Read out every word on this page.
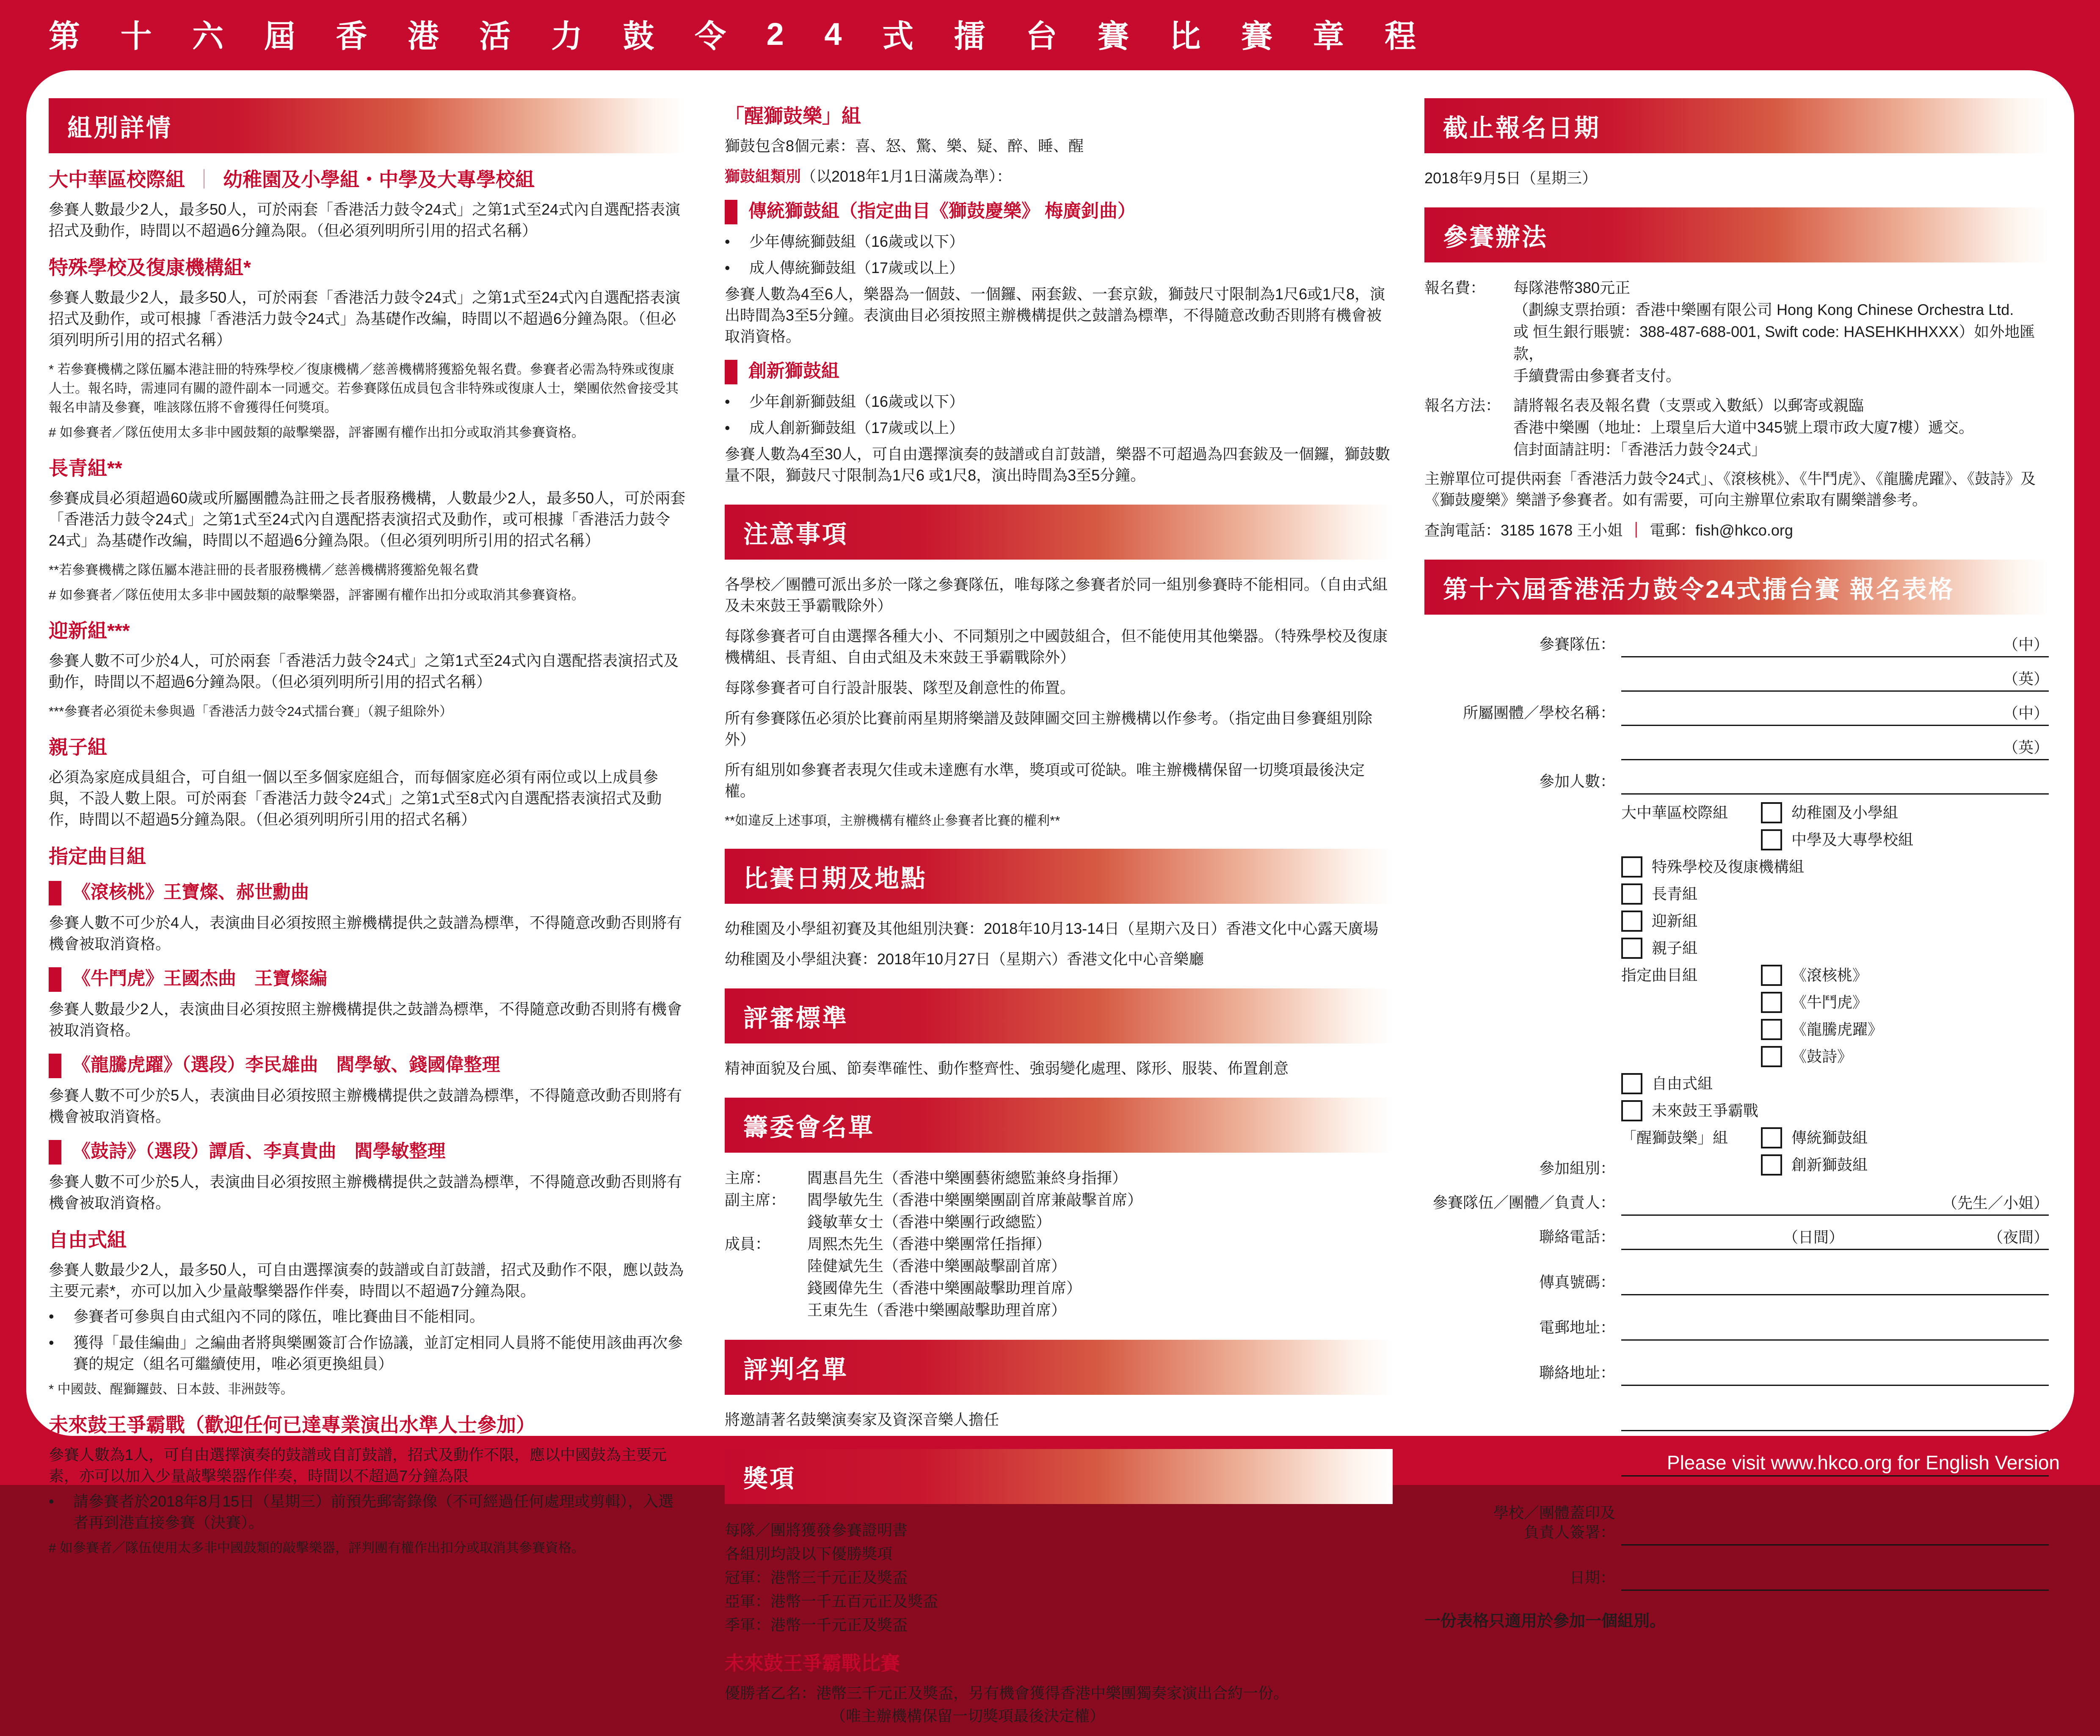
第 十 六 屆 香 港 活 力 鼓 令 2 4 式 擂 台 賽 比 賽 章 程
組別詳情
大中華區校際組 ｜ 幼稚園及小學組・中學及大專學校組

參賽人數最少2人，最多50人，可於兩套「香港活力鼓令24式」之第1式至24式內自選配搭表演招式及動作，時間以不超過6分鐘為限。（但必須列明所引用的招式名稱）

特殊學校及復康機構組*

參賽人數最少2人，最多50人，可於兩套「香港活力鼓令24式」之第1式至24式內自選配搭表演招式及動作，或可根據「香港活力鼓令24式」為基礎作改編，時間以不超過6分鐘為限。（但必須列明所引用的招式名稱）

* 若參賽機構之隊伍屬本港註冊的特殊學校／復康機構／慈善機構將獲豁免報名費。參賽者必需為特殊或復康人士。報名時，需連同有關的證件副本一同遞交。若參賽隊伍成員包含非特殊或復康人士，樂團依然會接受其報名申請及參賽，唯該隊伍將不會獲得任何獎項。

# 如參賽者／隊伍使用太多非中國鼓類的敲擊樂器，評審團有權作出扣分或取消其參賽資格。

長青組**

參賽成員必須超過60歲或所屬團體為註冊之長者服務機構，人數最少2人，最多50人，可於兩套「香港活力鼓令24式」之第1式至24式內自選配搭表演招式及動作，或可根據「香港活力鼓令24式」為基礎作改編，時間以不超過6分鐘為限。（但必須列明所引用的招式名稱）

**若參賽機構之隊伍屬本港註冊的長者服務機構／慈善機構將獲豁免報名費

# 如參賽者／隊伍使用太多非中國鼓類的敲擊樂器，評審團有權作出扣分或取消其參賽資格。

迎新組***

參賽人數不可少於4人，可於兩套「香港活力鼓令24式」之第1式至24式內自選配搭表演招式及動作，時間以不超過6分鐘為限。（但必須列明所引用的招式名稱）

***參賽者必須從未參與過「香港活力鼓令24式擂台賽」（親子組除外）

親子組

必須為家庭成員組合，可自組一個以至多個家庭組合，而每個家庭必須有兩位或以上成員參與，不設人數上限。可於兩套「香港活力鼓令24式」之第1式至8式內自選配搭表演招式及動作，時間以不超過5分鐘為限。（但必須列明所引用的招式名稱）

指定曲目組
《滾核桃》王寶燦、郝世勳曲

參賽人數不可少於4人，表演曲目必須按照主辦機構提供之鼓譜為標準，不得隨意改動否則將有機會被取消資格。

《牛鬥虎》王國杰曲　王寶燦編

參賽人數最少2人，表演曲目必須按照主辦機構提供之鼓譜為標準，不得隨意改動否則將有機會被取消資格。

《龍騰虎躍》（選段）李民雄曲　閻學敏、錢國偉整理

參賽人數不可少於5人，表演曲目必須按照主辦機構提供之鼓譜為標準，不得隨意改動否則將有機會被取消資格。

《鼓詩》（選段）譚盾、李真貴曲　閻學敏整理

參賽人數不可少於5人，表演曲目必須按照主辦機構提供之鼓譜為標準，不得隨意改動否則將有機會被取消資格。

自由式組

參賽人數最少2人，最多50人，可自由選擇演奏的鼓譜或自訂鼓譜，招式及動作不限，應以鼓為主要元素*，亦可以加入少量敲擊樂器作伴奏，時間以不超過7分鐘為限。

•	參賽者可參與自由式組內不同的隊伍，唯比賽曲目不能相同。
•	獲得「最佳編曲」之編曲者將與樂團簽訂合作協議，並訂定相同人員將不能使用該曲再次參賽的規定（組名可繼續使用，唯必須更換組員）

* 中國鼓、醒獅鑼鼓、日本鼓、非洲鼓等。

未來鼓王爭霸戰（歡迎任何已達專業演出水準人士參加）

參賽人數為1人，可自由選擇演奏的鼓譜或自訂鼓譜，招式及動作不限，應以中國鼓為主要元素，亦可以加入少量敲擊樂器作伴奏，時間以不超過7分鐘為限

•	請參賽者於2018年8月15日（星期三）前預先郵寄錄像（不可經過任何處理或剪輯），入選者再到港直接參賽（決賽）。

# 如參賽者／隊伍使用太多非中國鼓類的敲擊樂器，評判團有權作出扣分或取消其參賽資格。

「醒獅鼓樂」組

獅鼓包含8個元素：喜、怒、驚、樂、疑、醉、睡、醒

獅鼓組類別（以2018年1月1日滿歲為準）：

傳統獅鼓組（指定曲目《獅鼓慶樂》 梅廣釗曲）
•	少年傳統獅鼓組（16歲或以下）
•	成人傳統獅鼓組（17歲或以上）

參賽人數為4至6人，樂器為一個鼓、一個鑼、兩套鈸、一套京鈸，獅鼓尺寸限制為1尺6或1尺8，演出時間為3至5分鐘。表演曲目必須按照主辦機構提供之鼓譜為標準，不得隨意改動否則將有機會被取消資格。

創新獅鼓組
•	少年創新獅鼓組（16歲或以下）
•	成人創新獅鼓組（17歲或以上）

參賽人數為4至30人，可自由選擇演奏的鼓譜或自訂鼓譜，樂器不可超過為四套鈸及一個鑼，獅鼓數量不限，獅鼓尺寸限制為1尺6 或1尺8，演出時間為3至5分鐘。

注意事項

各學校／團體可派出多於一隊之參賽隊伍，唯每隊之參賽者於同一組別參賽時不能相同。（自由式組及未來鼓王爭霸戰除外）

每隊參賽者可自由選擇各種大小、不同類別之中國鼓組合，但不能使用其他樂器。（特殊學校及復康機構組、長青組、自由式組及未來鼓王爭霸戰除外）

每隊參賽者可自行設計服裝、隊型及創意性的佈置。

所有參賽隊伍必須於比賽前兩星期將樂譜及鼓陣圖交回主辦機構以作參考。（指定曲目參賽組別除外）

所有組別如參賽者表現欠佳或未達應有水準，獎項或可從缺。唯主辦機構保留一切獎項最後決定權。

**如違反上述事項，主辦機構有權終止參賽者比賽的權利**

比賽日期及地點

幼稚園及小學組初賽及其他組別決賽：2018年10月13-14日（星期六及日）香港文化中心露天廣場

幼稚園及小學組決賽：2018年10月27日（星期六）香港文化中心音樂廳

評審標準

精神面貌及台風、節奏準確性、動作整齊性、強弱變化處理、隊形、服裝、佈置創意

籌委會名單
主席：	閻惠昌先生（香港中樂團藝術總監兼終身指揮）
副主席：	閻學敏先生（香港中樂團樂團副首席兼敲擊首席）
錢敏華女士（香港中樂團行政總監）
成員：	周熙杰先生（香港中樂團常任指揮）
陸健斌先生（香港中樂團敲擊副首席）
錢國偉先生（香港中樂團敲擊助理首席）
王東先生（香港中樂團敲擊助理首席）
評判名單

將邀請著名鼓樂演奏家及資深音樂人擔任

獎項
每隊／團將獲發參賽證明書
各組別均設以下優勝獎項
冠軍：港幣三千元正及獎盃
亞軍：港幣一千五百元正及獎盃
季軍：港幣一千元正及獎盃
未來鼓王爭霸戰比賽

優勝者乙名：港幣三千元正及獎盃，另有機會獲得香港中樂團獨奏家演出合約一份。

（唯主辦機構保留一切獎項最後決定權）

截止報名日期

2018年9月5日（星期三）

參賽辦法
報名費：	每隊港幣380元正
（劃線支票抬頭：香港中樂團有限公司 Hong Kong Chinese Orchestra Ltd.
或 恒生銀行賬號：388-487-688-001, Swift code: HASEHKHHXXX）如外地匯款，
手續費需由參賽者支付。
報名方法： 請將報名表及報名費（支票或入數紙）以郵寄或親臨
香港中樂團（地址：上環皇后大道中345號上環市政大廈7樓）遞交。
信封面請註明：「香港活力鼓令24式」

主辦單位可提供兩套「香港活力鼓令24式」、《滾核桃》、《牛鬥虎》、《龍騰虎躍》、《鼓詩》及《獅鼓慶樂》樂譜予參賽者。如有需要，可向主辦單位索取有關樂譜參考。

查詢電話：3185 1678 王小姐 ｜ 電郵：fish@hkco.org

第十六屆香港活力鼓令24式擂台賽 報名表格
參賽隊伍：	（中）
（英）
所屬團體／學校名稱：	（中）
（英）
參加人數：
參加組別：
大中華區校際組	幼稚園及小學組
中學及大專學校組
特殊學校及復康機構組
長青組
迎新組
親子組
指定曲目組	《滾核桃》
《牛鬥虎》
《龍騰虎躍》
《鼓詩》
自由式組
未來鼓王爭霸戰
「醒獅鼓樂」組	傳統獅鼓組
創新獅鼓組
參賽隊伍／團體／負責人：	（先生／小姐）
聯絡電話：	（日間）	（夜間）
傳真號碼：
電郵地址：
聯絡地址：
學校／團體蓋印及
負責人簽署：
日期：
一份表格只適用於參加一個組別。
Please visit www.hkco.org for English Version
